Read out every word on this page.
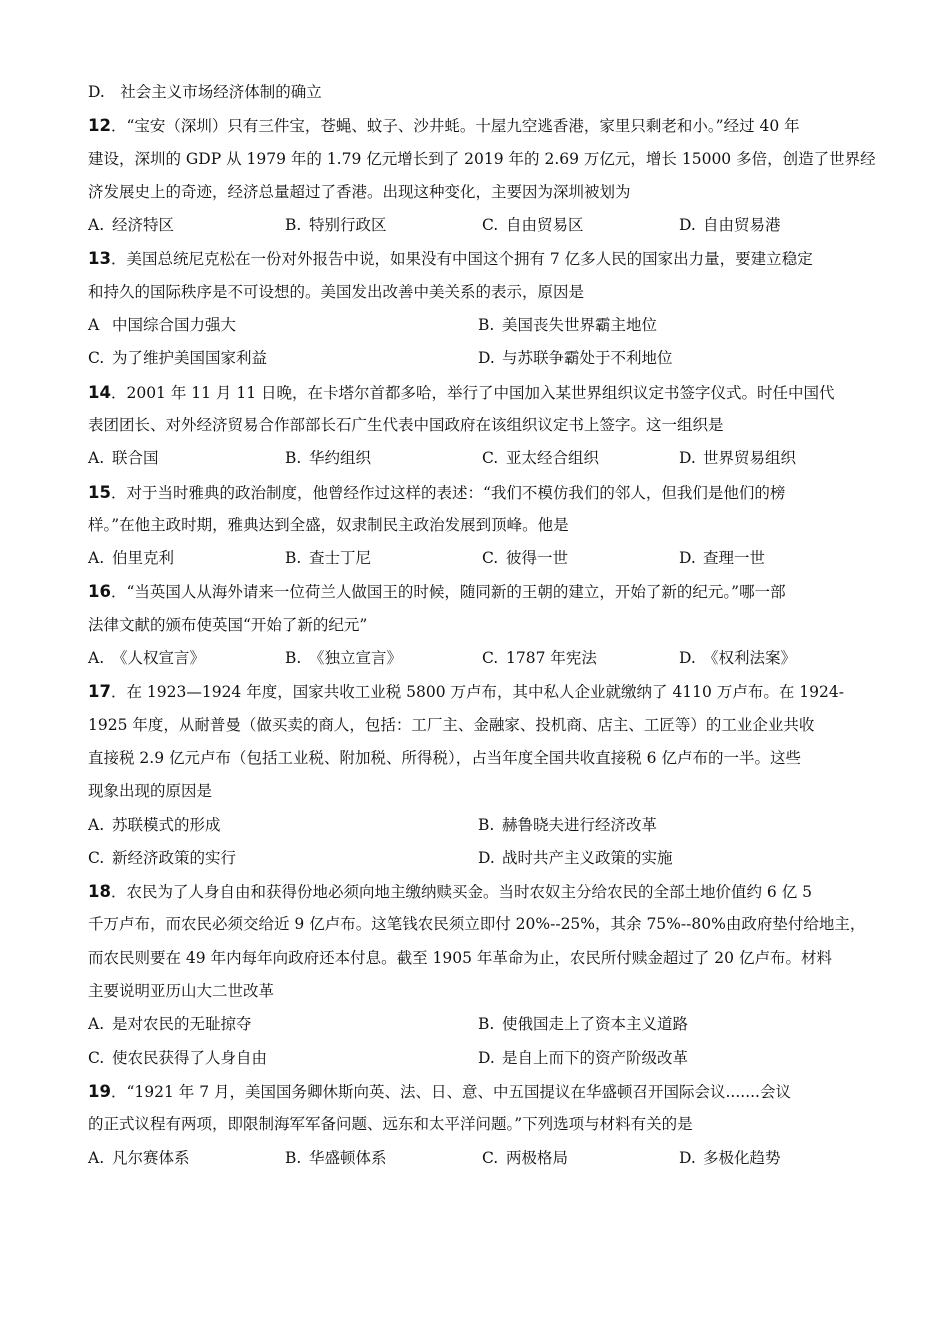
D.　社会主义市场经济体制的确立
12．“宝安（深圳）只有三件宝，苍蝇、蚊子、沙井蚝。十屋九空逃香港，家里只剩老和小。”经过 40 年
建设，深圳的 GDP 从 1979 年的 1.79 亿元增长到了 2019 年的 2.69 万亿元，增长 15000 多倍，创造了世界经
济发展史上的奇迹，经济总量超过了香港。出现这种变化，主要因为深圳被划为
A. 经济特区	B. 特别行政区	C. 自由贸易区	D. 自由贸易港
13．美国总统尼克松在一份对外报告中说，如果没有中国这个拥有 7 亿多人民的国家出力量，要建立稳定
和持久的国际秩序是不可设想的。美国发出改善中美关系的表示，原因是
A 中国综合国力强大	B. 美国丧失世界霸主地位
C. 为了维护美国国家利益	D. 与苏联争霸处于不利地位
14．2001 年 11 月 11 日晚，在卡塔尔首都多哈，举行了中国加入某世界组织议定书签字仪式。时任中国代
表团团长、对外经济贸易合作部部长石广生代表中国政府在该组织议定书上签字。这一组织是
A. 联合国	B. 华约组织	C. 亚太经合组织	D. 世界贸易组织
15．对于当时雅典的政治制度，他曾经作过这样的表述：“我们不模仿我们的邻人，但我们是他们的榜
样。”在他主政时期，雅典达到全盛，奴隶制民主政治发展到顶峰。他是
A. 伯里克利	B. 查士丁尼	C. 彼得一世	D. 查理一世
16．“当英国人从海外请来一位荷兰人做国王的时候，随同新的王朝的建立，开始了新的纪元。”哪一部
法律文献的颁布使英国“开始了新的纪元”
A. 《人权宣言》	B. 《独立宣言》	C. 1787 年宪法	D. 《权利法案》
17．在 1923—1924 年度，国家共收工业税 5800 万卢布，其中私人企业就缴纳了 4110 万卢布。在 1924-
1925 年度，从耐普曼（做买卖的商人，包括：工厂主、金融家、投机商、店主、工匠等）的工业企业共收
直接税 2.9 亿元卢布（包括工业税、附加税、所得税），占当年度全国共收直接税 6 亿卢布的一半。这些
现象出现的原因是
A. 苏联模式的形成	B. 赫鲁晓夫进行经济改革
C. 新经济政策的实行	D. 战时共产主义政策的实施
18．农民为了人身自由和获得份地必须向地主缴纳赎买金。当时农奴主分给农民的全部土地价值约 6 亿 5
千万卢布，而农民必须交给近 9 亿卢布。这笔钱农民须立即付 20%--25%，其余 75%--80%由政府垫付给地主，
而农民则要在 49 年内每年向政府还本付息。截至 1905 年革命为止，农民所付赎金超过了 20 亿卢布。材料
主要说明亚历山大二世改革
A. 是对农民的无耻掠夺	B. 使俄国走上了资本主义道路
C. 使农民获得了人身自由	D. 是自上而下的资产阶级改革
19．“1921 年 7 月，美国国务卿休斯向英、法、日、意、中五国提议在华盛顿召开国际会议.......会议
的正式议程有两项，即限制海军军备问题、远东和太平洋问题。”下列选项与材料有关的是
A. 凡尔赛体系	B. 华盛顿体系	C. 两极格局	D. 多极化趋势
